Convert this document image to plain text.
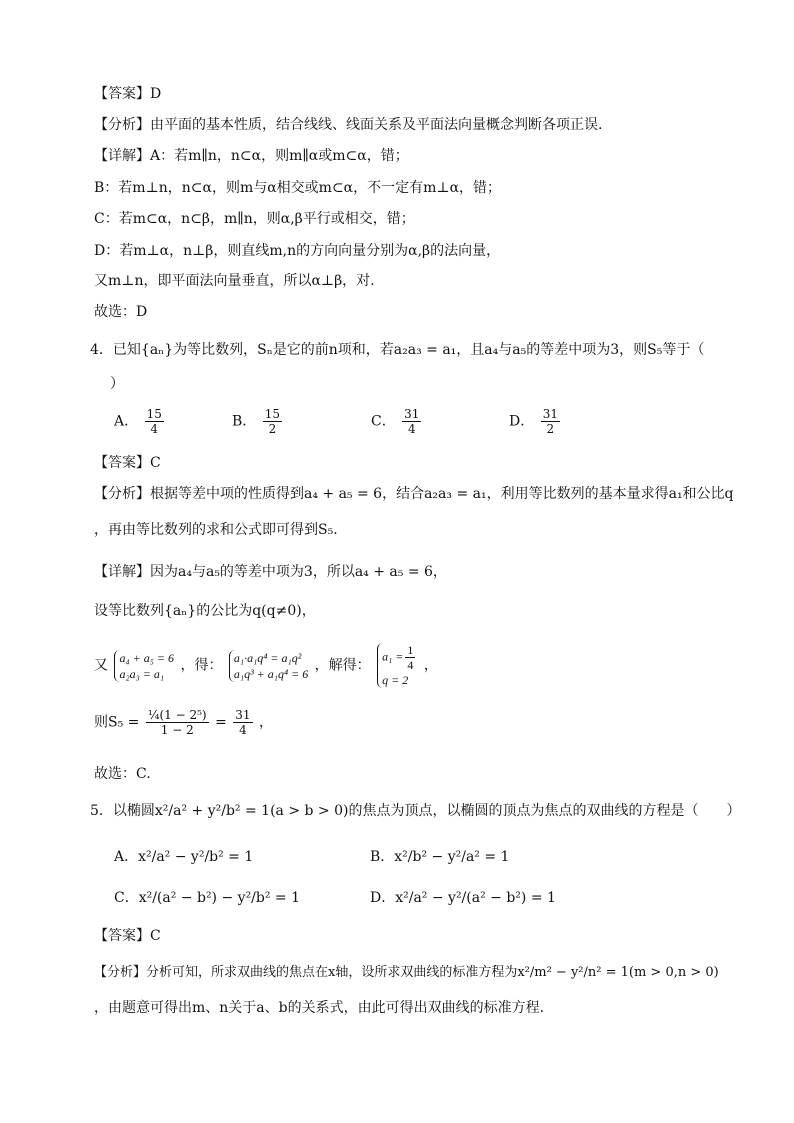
【答案】D
【分析】由平面的基本性质，结合线线、线面关系及平面法向量概念判断各项正误.
【详解】A：若m∥n，n⊂α，则m∥α或m⊂α，错；
B：若m⊥n，n⊂α，则m与α相交或m⊂α，不一定有m⊥α，错；
C：若m⊂α，n⊂β，m∥n，则α,β平行或相交，错；
D：若m⊥α，n⊥β，则直线m,n的方向向量分别为α,β的法向量，
又m⊥n，即平面法向量垂直，所以α⊥β，对.
故选：D
4．已知{aₙ}为等比数列，Sₙ是它的前n项和，若a₂a₃ = a₁，且a₄与a₅的等差中项为3，则S₅等于（
）
A． $\frac{15}{4}$	B． $\frac{15}{2}$	C． $\frac{31}{4}$	D． $\frac{31}{2}$
【答案】C
【分析】根据等差中项的性质得到a₄ + a₅ = 6，结合a₂a₃ = a₁，利用等比数列的基本量求得a₁和公比q
，再由等比数列的求和公式即可得到S₅.
【详解】因为a₄与a₅的等差中项为3，所以a₄ + a₅ = 6，
设等比数列{aₙ}的公比为q(q≠0)，
又 a₄ + a₅ = 6
a₂a₃ = a₁	，得： a₁·a₁q⁴ = a₁q²
a₁q³ + a₁q⁴ = 6 ，解得：
$a_1 = \frac{1}{4}$
q = 2
，
则$S_5 = \frac{\text{¼(1 − 2⁵)}}{1 - 2} = \frac{31}{4}$ ，
故选：C.
5．以椭圆x²/a² + y²/b² = 1(a > b > 0)的焦点为顶点，以椭圆的顶点为焦点的双曲线的方程是（　　）
A．x²/a² − y²/b² = 1	B．x²/b² − y²/a² = 1
C．x²/(a² − b²) − y²/b² = 1	D．x²/a² − y²/(a² − b²) = 1
【答案】C
【分析】分析可知，所求双曲线的焦点在x轴，设所求双曲线的标准方程为x²/m² − y²/n² = 1(m > 0,n > 0)
，由题意可得出m、n关于a、b的关系式，由此可得出双曲线的标准方程.
